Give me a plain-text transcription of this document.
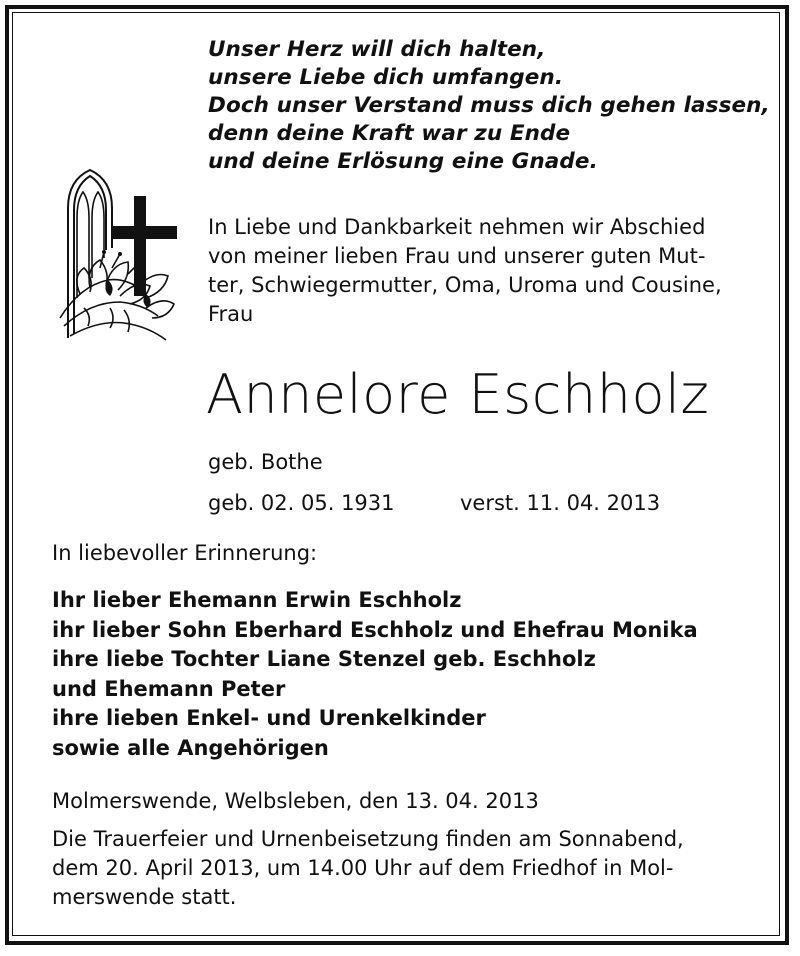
Unser Herz will dich halten,
unsere Liebe dich umfangen.
Doch unser Verstand muss dich gehen lassen,
denn deine Kraft war zu Ende
und deine Erlösung eine Gnade.
In Liebe und Dankbarkeit nehmen wir Abschied
von meiner lieben Frau und unserer guten Mut-
ter, Schwiegermutter, Oma, Uroma und Cousine,
Frau
Annelore Eschholz
geb. Bothe
geb. 02. 05. 1931	verst. 11. 04. 2013
In liebevoller Erinnerung:
Ihr lieber Ehemann Erwin Eschholz
ihr lieber Sohn Eberhard Eschholz und Ehefrau Monika
ihre liebe Tochter Liane Stenzel geb. Eschholz
und Ehemann Peter
ihre lieben Enkel- und Urenkelkinder
sowie alle Angehörigen
Molmerswende, Welbsleben, den 13. 04. 2013
Die Trauerfeier und Urnenbeisetzung finden am Sonnabend,
dem 20. April 2013, um 14.00 Uhr auf dem Friedhof in Mol-
merswende statt.
